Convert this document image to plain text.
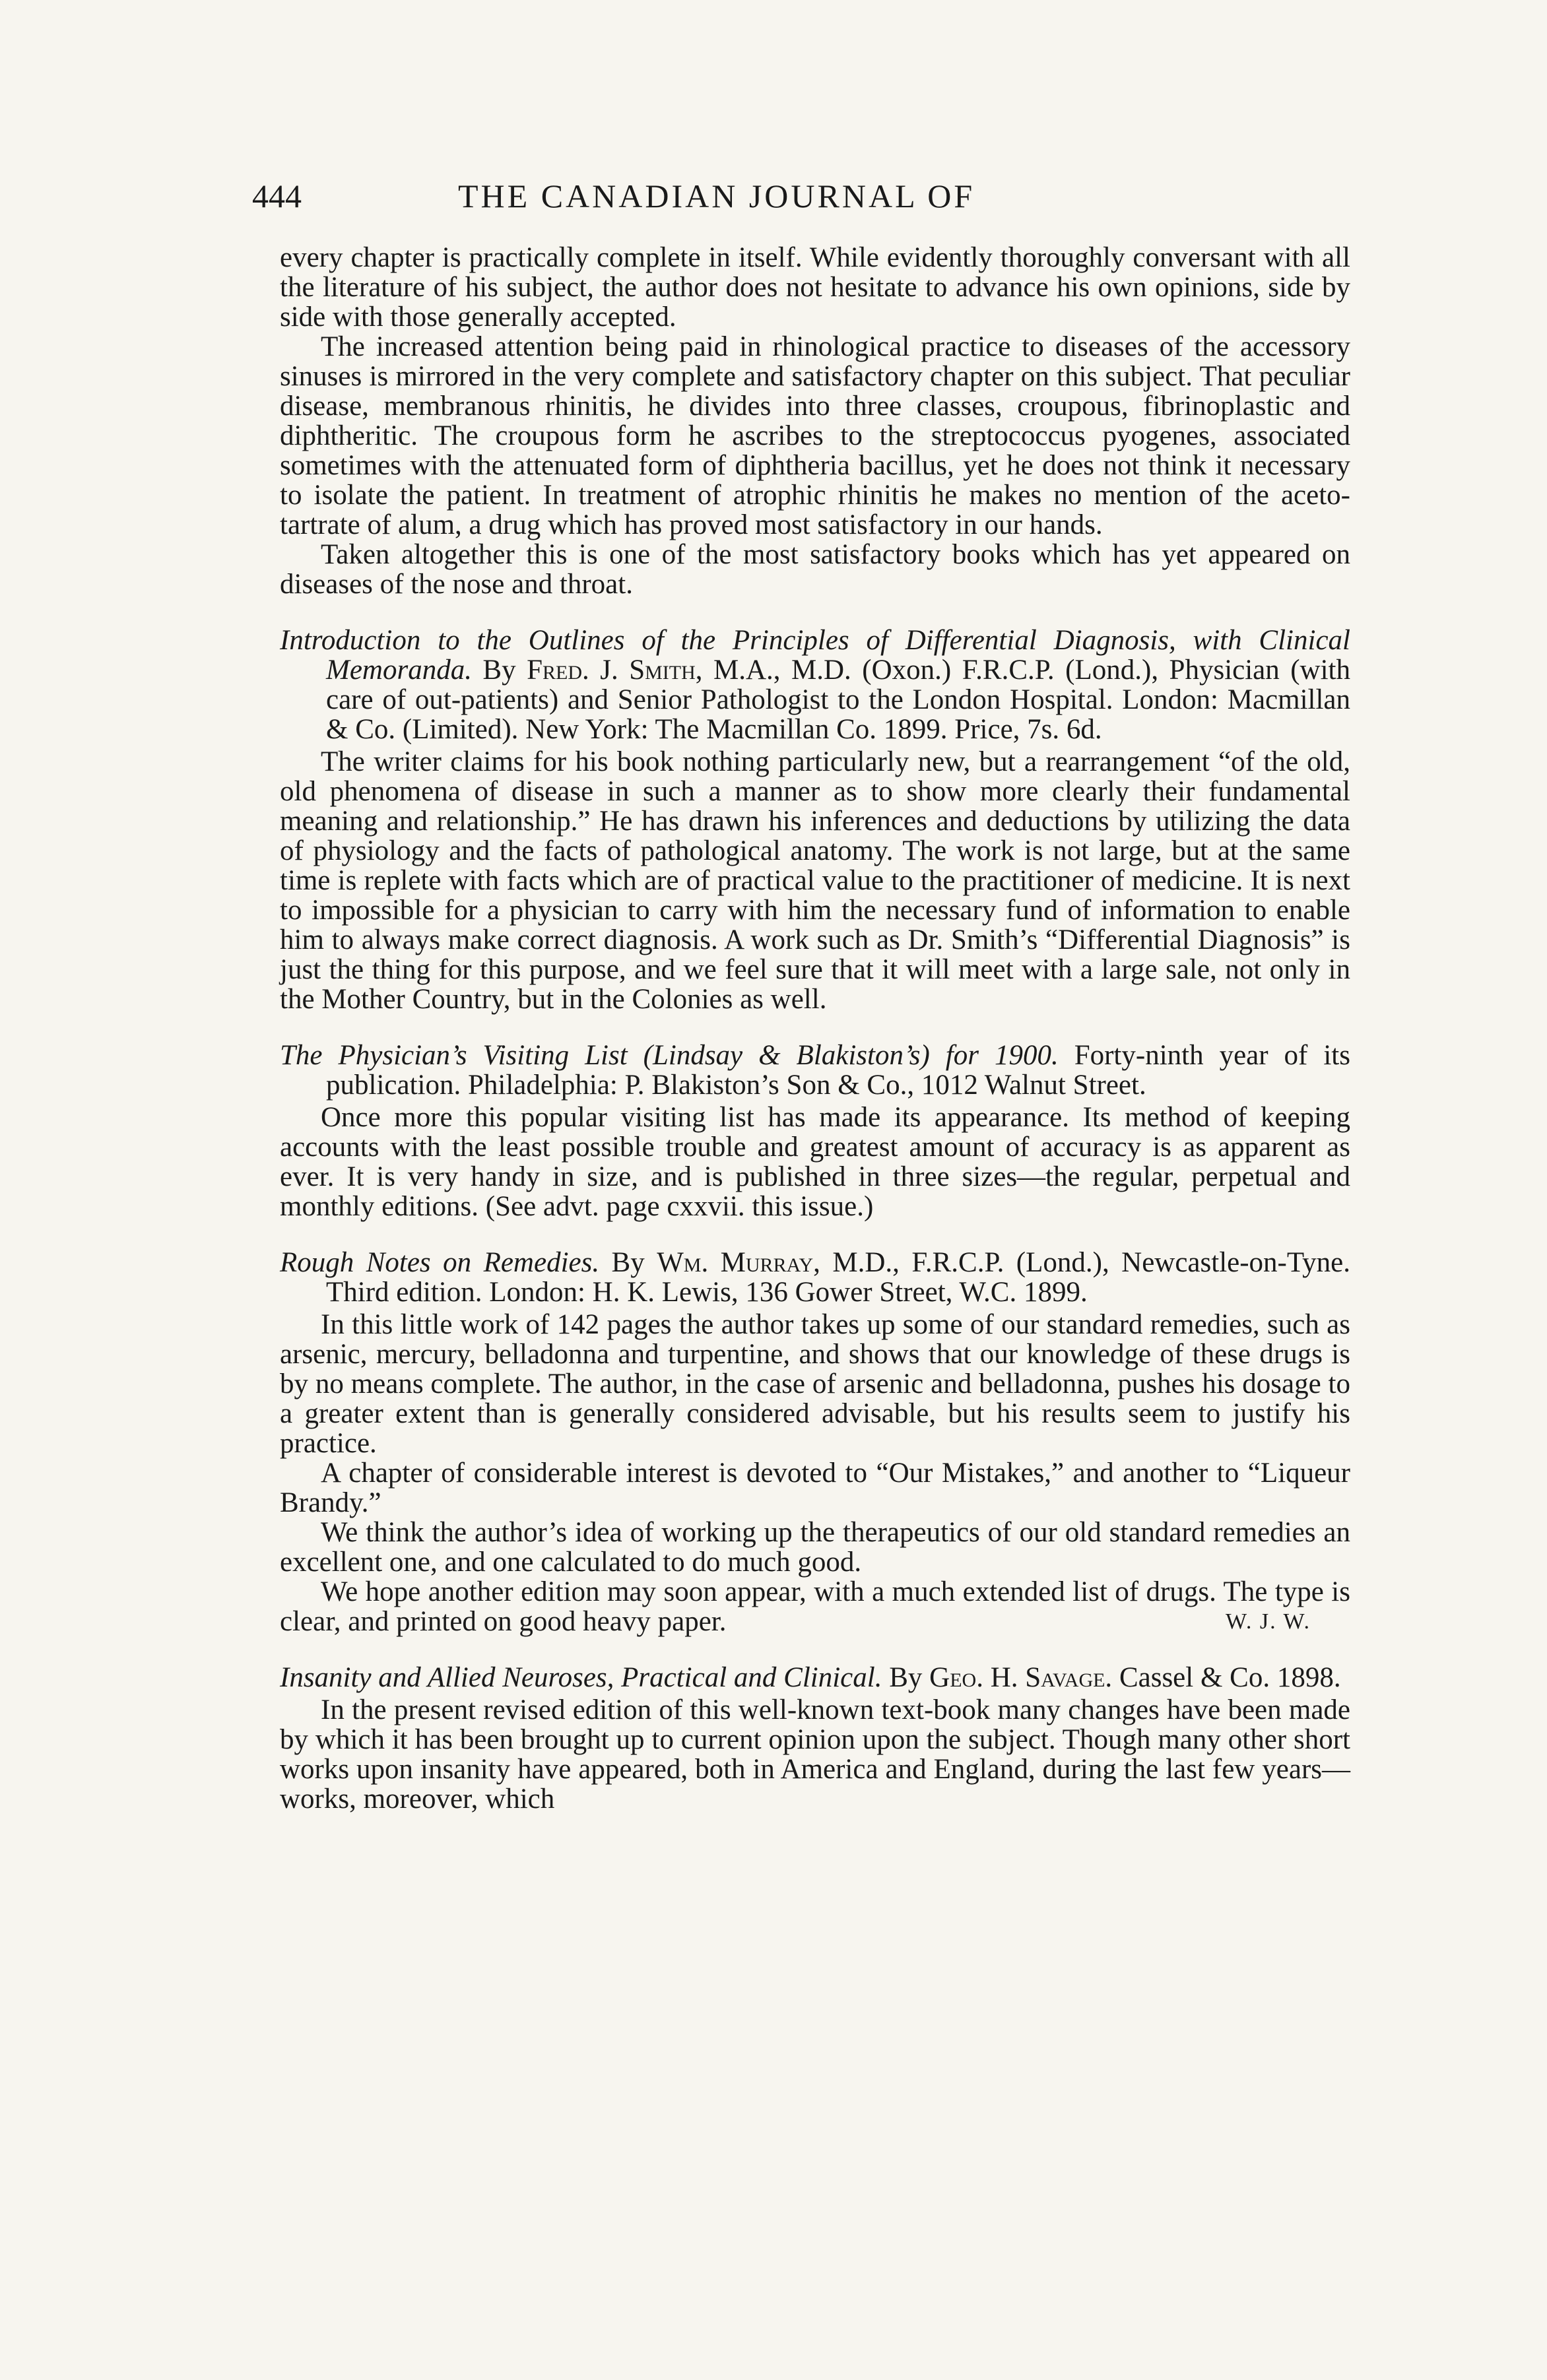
444	THE CANADIAN JOURNAL OF

every chapter is practically complete in itself. While evidently thoroughly conversant with all the literature of his subject, the author does not hesitate to advance his own opinions, side by side with those generally accepted.

The increased attention being paid in rhinological practice to diseases of the accessory sinuses is mirrored in the very complete and satisfactory chapter on this subject. That peculiar disease, membranous rhinitis, he divides into three classes, croupous, fibrinoplastic and diphtheritic. The croupous form he ascribes to the streptococcus pyogenes, associated sometimes with the attenuated form of diphtheria bacillus, yet he does not think it necessary to isolate the patient. In treatment of atrophic rhinitis he makes no mention of the aceto-tartrate of alum, a drug which has proved most satisfactory in our hands.

Taken altogether this is one of the most satisfactory books which has yet appeared on diseases of the nose and throat.

Introduction to the Outlines of the Principles of Differential Diagnosis, with Clinical Memoranda. By Fred. J. Smith, M.A., M.D. (Oxon.) F.R.C.P. (Lond.), Physician (with care of out-patients) and Senior Pathologist to the London Hospital. London: Macmillan & Co. (Limited). New York: The Macmillan Co. 1899. Price, 7s. 6d.

The writer claims for his book nothing particularly new, but a rearrangement “of the old, old phenomena of disease in such a manner as to show more clearly their fundamental meaning and relationship.” He has drawn his inferences and deductions by utilizing the data of physiology and the facts of pathological anatomy. The work is not large, but at the same time is replete with facts which are of practical value to the practitioner of medicine. It is next to impossible for a physician to carry with him the necessary fund of information to enable him to always make correct diagnosis. A work such as Dr. Smith’s “Differential Diagnosis” is just the thing for this purpose, and we feel sure that it will meet with a large sale, not only in the Mother Country, but in the Colonies as well.

The Physician’s Visiting List (Lindsay & Blakiston’s) for 1900. Forty-ninth year of its publication. Philadelphia: P. Blakiston’s Son & Co., 1012 Walnut Street.

Once more this popular visiting list has made its appearance. Its method of keeping accounts with the least possible trouble and greatest amount of accuracy is as apparent as ever. It is very handy in size, and is published in three sizes—the regular, perpetual and monthly editions. (See advt. page cxxvii. this issue.)

Rough Notes on Remedies. By Wm. Murray, M.D., F.R.C.P. (Lond.), Newcastle-on-Tyne. Third edition. London: H. K. Lewis, 136 Gower Street, W.C. 1899.

In this little work of 142 pages the author takes up some of our standard remedies, such as arsenic, mercury, belladonna and turpentine, and shows that our knowledge of these drugs is by no means complete. The author, in the case of arsenic and belladonna, pushes his dosage to a greater extent than is generally considered advisable, but his results seem to justify his practice.

A chapter of considerable interest is devoted to “Our Mistakes,” and another to “Liqueur Brandy.”

We think the author’s idea of working up the therapeutics of our old standard remedies an excellent one, and one calculated to do much good.

We hope another edition may soon appear, with a much extended list of drugs. The type is clear, and printed on good heavy paper.	W. J. W.

Insanity and Allied Neuroses, Practical and Clinical. By Geo. H. Savage. Cassel & Co. 1898.

In the present revised edition of this well-known text-book many changes have been made by which it has been brought up to current opinion upon the subject. Though many other short works upon insanity have appeared, both in America and England, during the last few years—works, moreover, which
